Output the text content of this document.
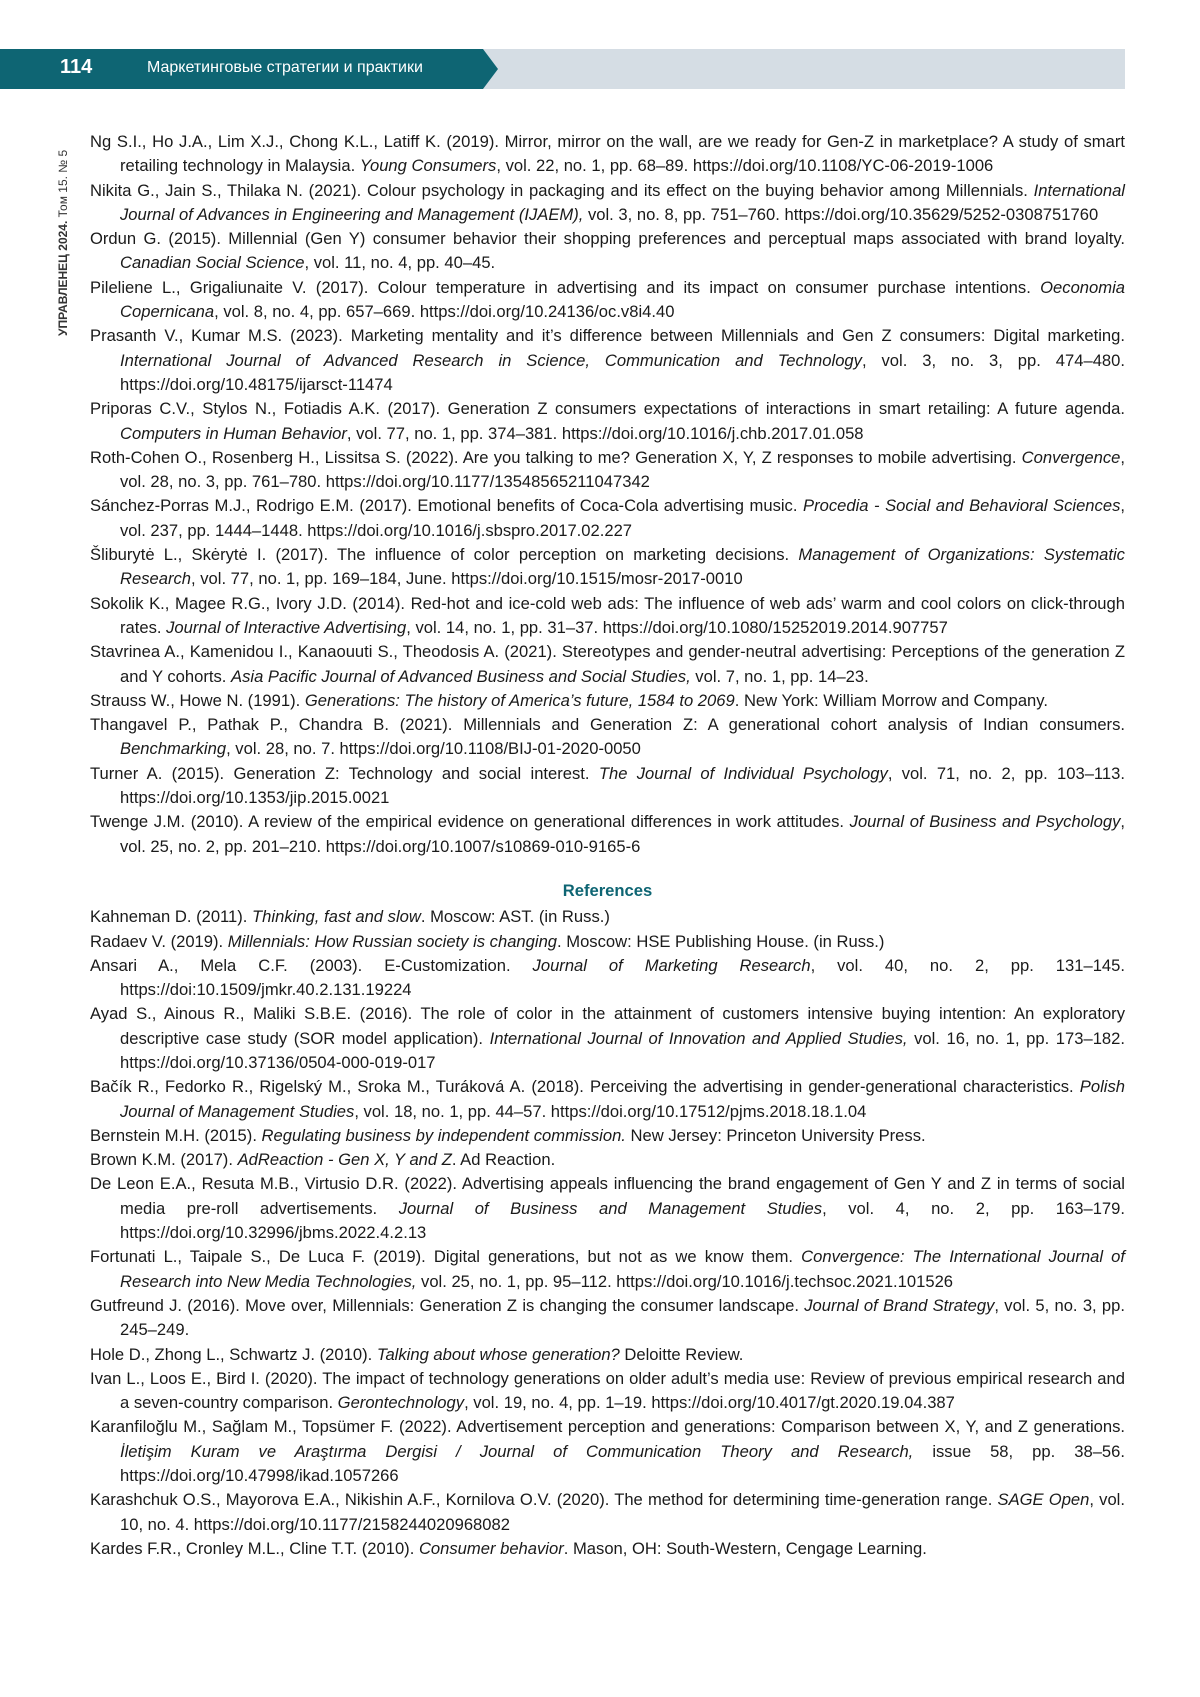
114	Маркетинговые стратегии и практики
УПРАВЛЕНЕЦ 2024. Том 15. № 5

Ng S.I., Ho J.A., Lim X.J., Chong K.L., Latiff K. (2019). Mirror, mirror on the wall, are we ready for Gen-Z in marketplace? A study of smart retailing technology in Malaysia. Young Consumers, vol. 22, no. 1, pp. 68–89. https://doi.org/10.1108/YC-06-2019-1006

Nikita G., Jain S., Thilaka N. (2021). Colour psychology in packaging and its effect on the buying behavior among Millennials. International Journal of Advances in Engineering and Management (IJAEM), vol. 3, no. 8, pp. 751–760. https://doi.org/10.35629/5252-0308751760

Ordun G. (2015). Millennial (Gen Y) consumer behavior their shopping preferences and perceptual maps associated with brand loyalty. Canadian Social Science, vol. 11, no. 4, pp. 40–45.

Pileliene L., Grigaliunaite V. (2017). Colour temperature in advertising and its impact on consumer purchase intentions. Oeconomia Copernicana, vol. 8, no. 4, pp. 657–669. https://doi.org/10.24136/oc.v8i4.40

Prasanth V., Kumar M.S. (2023). Marketing mentality and it’s difference between Millennials and Gen Z consumers: Digital marketing. International Journal of Advanced Research in Science, Communication and Technology, vol. 3, no. 3, pp. 474–480. https://doi.org/10.48175/ijarsct-11474

Priporas C.V., Stylos N., Fotiadis A.K. (2017). Generation Z consumers expectations of interactions in smart retailing: A future agenda. Computers in Human Behavior, vol. 77, no. 1, pp. 374–381. https://doi.org/10.1016/j.chb.2017.01.058

Roth-Cohen O., Rosenberg H., Lissitsa S. (2022). Are you talking to me? Generation X, Y, Z responses to mobile advertising. Convergence, vol. 28, no. 3, pp. 761–780. https://doi.org/10.1177/13548565211047342

Sánchez-Porras M.J., Rodrigo E.M. (2017). Emotional benefits of Coca-Cola advertising music. Procedia - Social and Behavioral Sciences, vol. 237, pp. 1444–1448. https://doi.org/10.1016/j.sbspro.2017.02.227

Šliburytė L., Skėrytė I. (2017). The influence of color perception on marketing decisions. Management of Organizations: Systematic Research, vol. 77, no. 1, pp. 169–184, June. https://doi.org/10.1515/mosr-2017-0010

Sokolik K., Magee R.G., Ivory J.D. (2014). Red-hot and ice-cold web ads: The influence of web ads’ warm and cool colors on click-through rates. Journal of Interactive Advertising, vol. 14, no. 1, pp. 31–37. https://doi.org/10.1080/15252019.2014.907757

Stavrinea A., Kamenidou I., Kanaouuti S., Theodosis A. (2021). Stereotypes and gender-neutral advertising: Perceptions of the generation Z and Y cohorts. Asia Pacific Journal of Advanced Business and Social Studies, vol. 7, no. 1, pp. 14–23.

Strauss W., Howe N. (1991). Generations: The history of America’s future, 1584 to 2069. New York: William Morrow and Company.

Thangavel P., Pathak P., Chandra B. (2021). Millennials and Generation Z: A generational cohort analysis of Indian consumers. Benchmarking, vol. 28, no. 7. https://doi.org/10.1108/BIJ-01-2020-0050

Turner A. (2015). Generation Z: Technology and social interest. The Journal of Individual Psychology, vol. 71, no. 2, pp. 103–113. https://doi.org/10.1353/jip.2015.0021

Twenge J.M. (2010). A review of the empirical evidence on generational differences in work attitudes. Journal of Business and Psychology, vol. 25, no. 2, pp. 201–210. https://doi.org/10.1007/s10869-010-9165-6

References

Kahneman D. (2011). Thinking, fast and slow. Moscow: AST. (in Russ.)

Radaev V. (2019). Millennials: How Russian society is changing. Moscow: HSE Publishing House. (in Russ.)

Ansari A., Mela C.F. (2003). E-Customization. Journal of Marketing Research, vol. 40, no. 2, pp. 131–145. https://doi:10.1509/jmkr.40.2.131.19224

Ayad S., Ainous R., Maliki S.B.E. (2016). The role of color in the attainment of customers intensive buying intention: An exploratory descriptive case study (SOR model application). International Journal of Innovation and Applied Studies, vol. 16, no. 1, pp. 173–182. https://doi.org/10.37136/0504-000-019-017

Bačík R., Fedorko R., Rigelský M., Sroka M., Turáková A. (2018). Perceiving the advertising in gender-generational characteristics. Polish Journal of Management Studies, vol. 18, no. 1, pp. 44–57. https://doi.org/10.17512/pjms.2018.18.1.04

Bernstein M.H. (2015). Regulating business by independent commission. New Jersey: Princeton University Press.

Brown K.M. (2017). AdReaction - Gen X, Y and Z. Ad Reaction.

De Leon E.A., Resuta M.B., Virtusio D.R. (2022). Advertising appeals influencing the brand engagement of Gen Y and Z in terms of social media pre-roll advertisements. Journal of Business and Management Studies, vol. 4, no. 2, pp. 163–179. https://doi.org/10.32996/jbms.2022.4.2.13

Fortunati L., Taipale S., De Luca F. (2019). Digital generations, but not as we know them. Convergence: The International Journal of Research into New Media Technologies, vol. 25, no. 1, pp. 95–112. https://doi.org/10.1016/j.techsoc.2021.101526

Gutfreund J. (2016). Move over, Millennials: Generation Z is changing the consumer landscape. Journal of Brand Strategy, vol. 5, no. 3, pp. 245–249.

Hole D., Zhong L., Schwartz J. (2010). Talking about whose generation? Deloitte Review.

Ivan L., Loos E., Bird I. (2020). The impact of technology generations on older adult’s media use: Review of previous empirical research and a seven-country comparison. Gerontechnology, vol. 19, no. 4, pp. 1–19. https://doi.org/10.4017/gt.2020.19.04.387

Karanfiloğlu M., Sağlam M., Topsümer F. (2022). Advertisement perception and generations: Comparison between X, Y, and Z generations. İletişim Kuram ve Araştırma Dergisi / Journal of Communication Theory and Research, issue 58, pp. 38–56. https://doi.org/10.47998/ikad.1057266

Karashchuk O.S., Mayorova E.A., Nikishin A.F., Kornilova O.V. (2020). The method for determining time-generation range. SAGE Open, vol. 10, no. 4. https://doi.org/10.1177/2158244020968082

Kardes F.R., Cronley M.L., Cline T.T. (2010). Consumer behavior. Mason, OH: South-Western, Cengage Learning.
